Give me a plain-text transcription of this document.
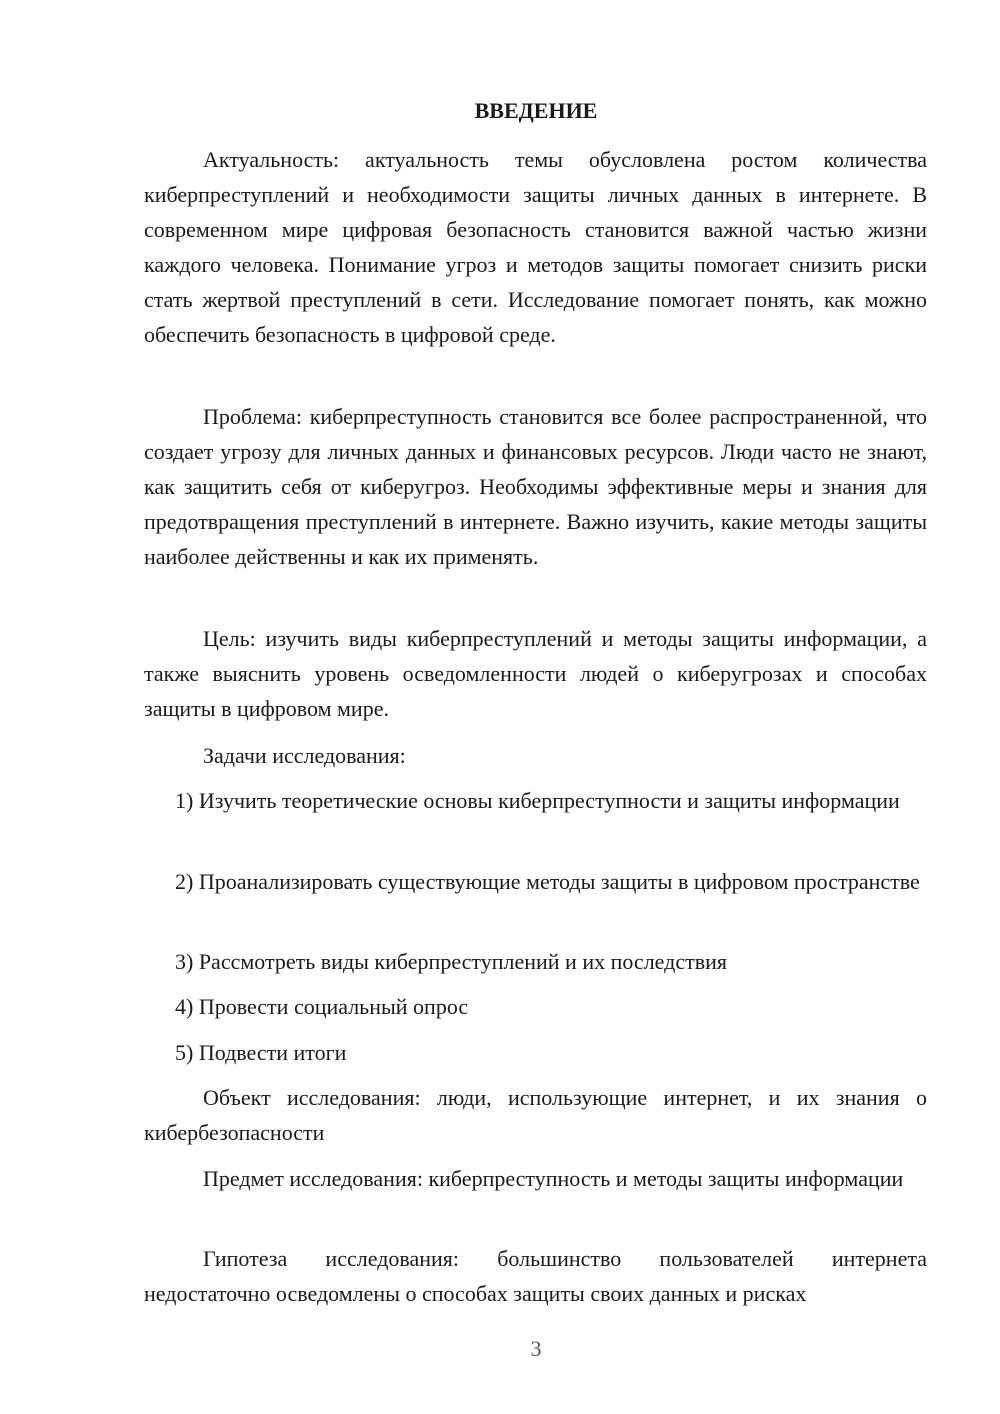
ВВЕДЕНИЕ

Актуальность: актуальность темы обусловлена ростом количества киберпреступлений и необходимости защиты личных данных в интернете. В современном мире цифровая безопасность становится важной частью жизни каждого человека. Понимание угроз и методов защиты помогает снизить риски стать жертвой преступлений в сети. Исследование помогает понять, как можно обеспечить безопасность в цифровой среде.

Проблема: киберпреступность становится все более распространенной, что создает угрозу для личных данных и финансовых ресурсов. Люди часто не знают, как защитить себя от киберугроз. Необходимы эффективные меры и знания для предотвращения преступлений в интернете. Важно изучить, какие методы защиты наиболее действенны и как их применять.

Цель: изучить виды киберпреступлений и методы защиты информации, а также выяснить уровень осведомленности людей о киберугрозах и способах защиты в цифровом мире.

Задачи исследования:

1) Изучить теоретические основы киберпреступности и защиты информации

2) Проанализировать существующие методы защиты в цифровом пространстве

3) Рассмотреть виды киберпреступлений и их последствия

4) Провести социальный опрос

5) Подвести итоги

Объект исследования: люди, использующие интернет, и их знания о кибербезопасности

Предмет исследования: киберпреступность и методы защиты информации

Гипотеза исследования: большинство пользователей интернета недостаточно осведомлены о способах защиты своих данных и рисках

3
